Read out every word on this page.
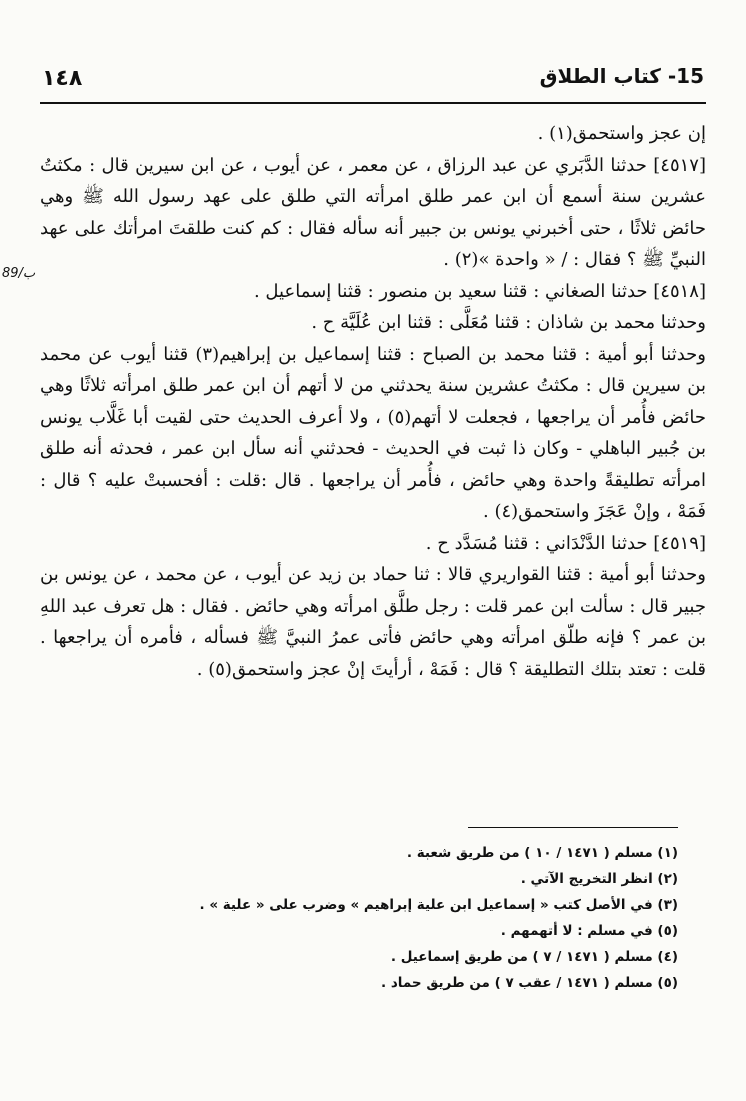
١٤٨	15- كتاب الطلاق
89/ب

إن عجز واستحمق(١) .

[٤٥١٧] حدثنا الدَّبَري عن عبد الرزاق ، عن معمر ، عن أيوب ، عن ابن سيرين قال : مكثتُ عشرين سنة أسمع أن ابن عمر طلق امرأته التي طلق على عهد رسول الله ﷺ وهي حائض ثلاثًا ، حتى أخبرني يونس بن جبير أنه سأله فقال : كم كنت طلقتَ امرأتك على عهد النبيِّ ﷺ ؟ فقال : / « واحدة »(٢) .

[٤٥١٨] حدثنا الصغاني : قثنا سعيد بن منصور : قثنا إسماعيل .

وحدثنا محمد بن شاذان : قثنا مُعَلَّى : قثنا ابن عُلَيَّة ح .

وحدثنا أبو أمية : قثنا محمد بن الصباح : قثنا إسماعيل بن إبراهيم(٣) قثنا أيوب عن محمد بن سيرين قال : مكثتُ عشرين سنة يحدثني من لا أتهم أن ابن عمر طلق امرأته ثلاثًا وهي حائض فأُمر أن يراجعها ، فجعلت لا أتهم(٥) ، ولا أعرف الحديث حتى لقيت أبا غَلَّاب يونس بن جُبير الباهلي - وكان ذا ثبت في الحديث - فحدثني أنه سأل ابن عمر ، فحدثه أنه طلق امرأته تطليقةً واحدة وهي حائض ، فأُمر أن يراجعها . قال :قلت : أفحسبتْ عليه ؟ قال : فَمَهْ ، وإنْ عَجَزَ واستحمق(٤) .

[٤٥١٩] حدثنا الدَّنْدَاني : قثنا مُسَدَّد ح .

وحدثنا أبو أمية : قثنا القواريري قالا : ثنا حماد بن زيد عن أيوب ، عن محمد ، عن يونس بن جبير قال : سألت ابن عمر قلت : رجل طلَّق امرأته وهي حائض . فقال : هل تعرف عبد اللهِ بن عمر ؟ فإنه طلّق امرأته وهي حائض فأتى عمرُ النبيَّ ﷺ فسأله ، فأمره أن يراجعها . قلت : تعتد بتلك التطليقة ؟ قال : فَمَهْ ، أرأيتَ إنْ عجز واستحمق(٥) .

(١) مسلم ( ١٤٧١ / ١٠ ) من طريق شعبة .
(٢) انظر التخريج الآتي .
(٣) في الأصل كتب « إسماعيل ابن علية إبراهيم » وضرب على « علية » .
(٥) في مسلم : لا أتهمهم .
(٤) مسلم ( ١٤٧١ / ٧ ) من طريق إسماعيل .
(٥) مسلم ( ١٤٧١ / عقب ٧ ) من طريق حماد .
